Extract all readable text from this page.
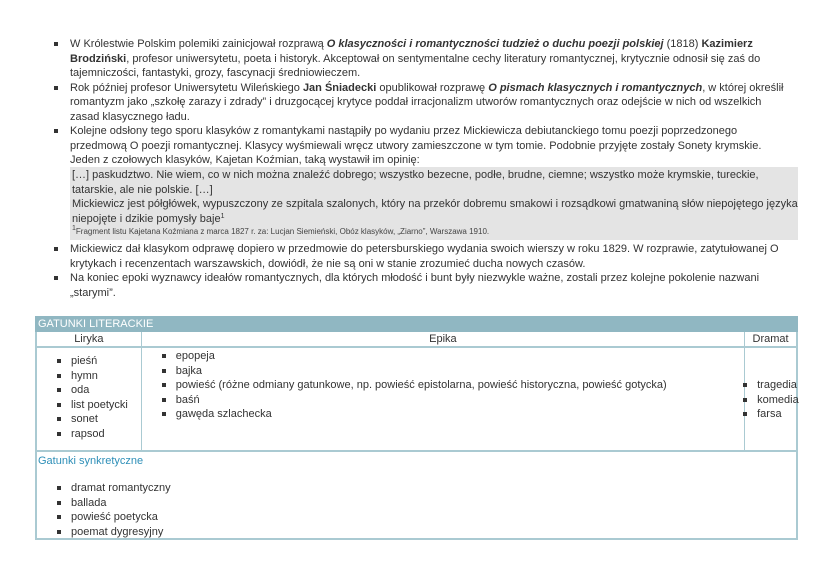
W Królestwie Polskim polemiki zainicjował rozprawą O klasyczności i romantyczności tudzież o duchu poezji polskiej (1818) Kazimierz Brodziński, profesor uniwersytetu, poeta i historyk. Akceptował on sentymentalne cechy literatury romantycznej, krytycznie odnosił się zaś do tajemniczości, fantastyki, grozy, fascynacji średniowieczem.
Rok później profesor Uniwersytetu Wileńskiego Jan Śniadecki opublikował rozprawę O pismach klasycznych i romantycznych, w której określił romantyzm jako „szkołę zarazy i zdrady” i druzgocącej krytyce poddał irracjonalizm utworów romantycznych oraz odejście w nich od wszelkich zasad klasycznego ładu.
Kolejne odsłony tego sporu klasyków z romantykami nastąpiły po wydaniu przez Mickiewicza debiutanckiego tomu poezji poprzedzonego przedmową O poezji romantycznej. Klasycy wyśmiewali wręcz utwory zamieszczone w tym tomie. Podobnie przyjęte zostały Sonety krymskie. Jeden z czołowych klasyków, Kajetan Koźmian, taką wystawił im opinię:

[…] paskudztwo. Nie wiem, co w nich można znaleźć dobrego; wszystko bezecne, podłe, brudne, ciemne; wszystko może krymskie, tureckie, tatarskie, ale nie polskie. […]

Mickiewicz jest półgłówek, wypuszczony ze szpitala szalonych, który na przekór dobremu smakowi i rozsądkowi gmatwaniną słów niepojętego języka niepojęte i dzikie pomysły baje$^1$

$^1$Fragment listu Kajetana Koźmiana z marca 1827 r. za: Lucjan Siemieński, Obóz klasyków, „Ziarno”, Warszawa 1910.

Mickiewicz dał klasykom odprawę dopiero w przedmowie do petersburskiego wydania swoich wierszy w roku 1829. W rozprawie, zatytułowanej O krytykach i recenzentach warszawskich, dowiódł, że nie są oni w stanie zrozumieć ducha nowych czasów.
Na koniec epoki wyznawcy ideałów romantycznych, dla których młodość i bunt były niezwykle ważne, zostali przez kolejne pokolenie nazwani „starymi”.
GATUNKI LITERACKIE
Liryka
pieśń
hymn
oda
list poetycki
sonet
rapsod
Epika
epopeja
bajka
powieść (różne odmiany gatunkowe, np. powieść epistolarna, powieść historyczna, powieść gotycka)
baśń
gawęda szlachecka
Dramat
tragedia
komedia
farsa
Gatunki synkretyczne
dramat romantyczny
ballada
powieść poetycka
poemat dygresyjny
